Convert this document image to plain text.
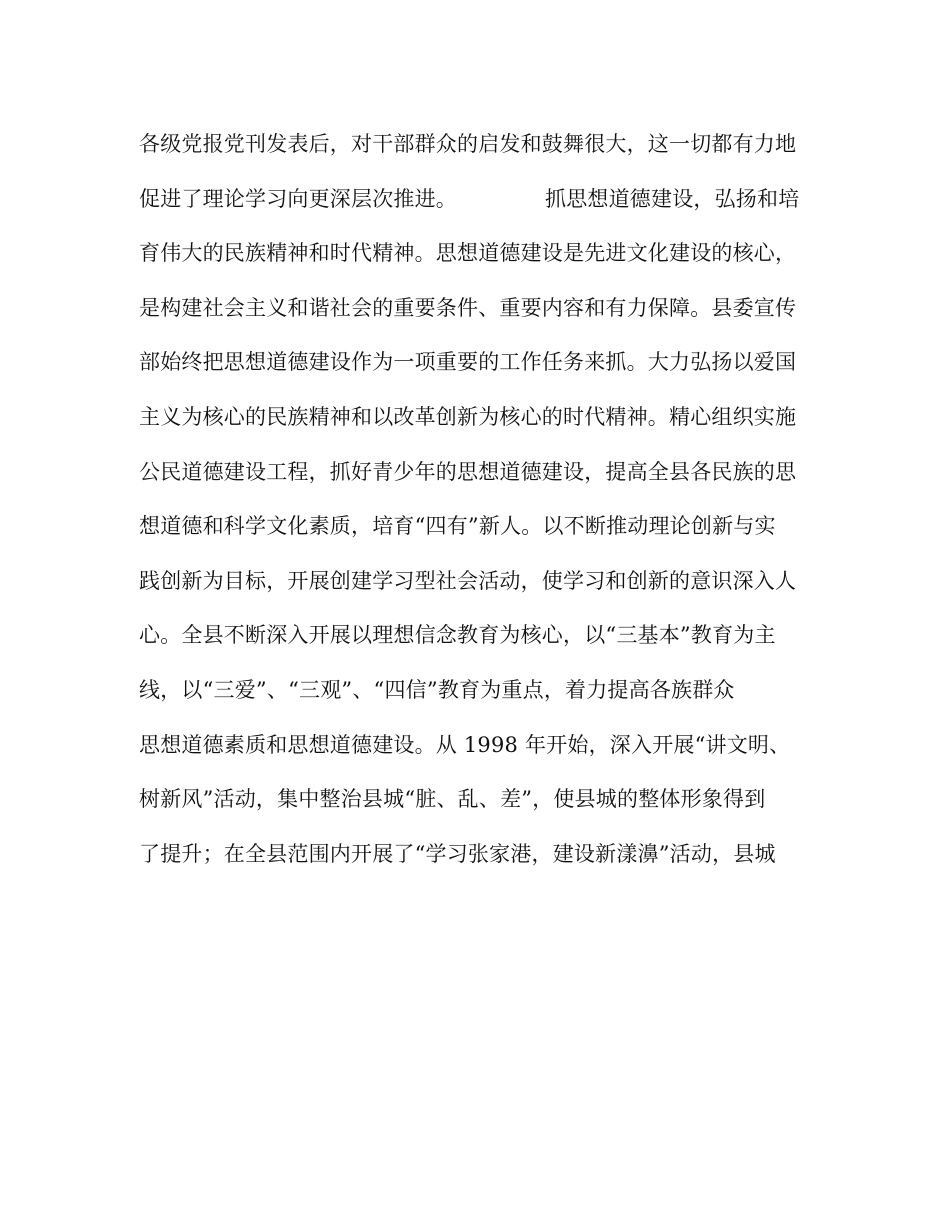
各级党报党刊发表后，对干部群众的启发和鼓舞很大，这一切都有力地
促进了理论学习向更深层次推进。	抓思想道德建设，弘扬和培
育伟大的民族精神和时代精神。思想道德建设是先进文化建设的核心，
是构建社会主义和谐社会的重要条件、重要内容和有力保障。县委宣传
部始终把思想道德建设作为一项重要的工作任务来抓。大力弘扬以爱国
主义为核心的民族精神和以改革创新为核心的时代精神。精心组织实施
公民道德建设工程，抓好青少年的思想道德建设，提高全县各民族的思
想道德和科学文化素质，培育“四有”新人。以不断推动理论创新与实
践创新为目标，开展创建学习型社会活动，使学习和创新的意识深入人
心。全县不断深入开展以理想信念教育为核心，以“三基本”教育为主
线，以“三爱”、“三观”、“四信”教育为重点，着力提高各族群众
思想道德素质和思想道德建设。从 1998 年开始，深入开展“讲文明、
树新风”活动，集中整治县城“脏、乱、差”，使县城的整体形象得到
了提升；在全县范围内开展了“学习张家港，建设新漾濞”活动，县城
